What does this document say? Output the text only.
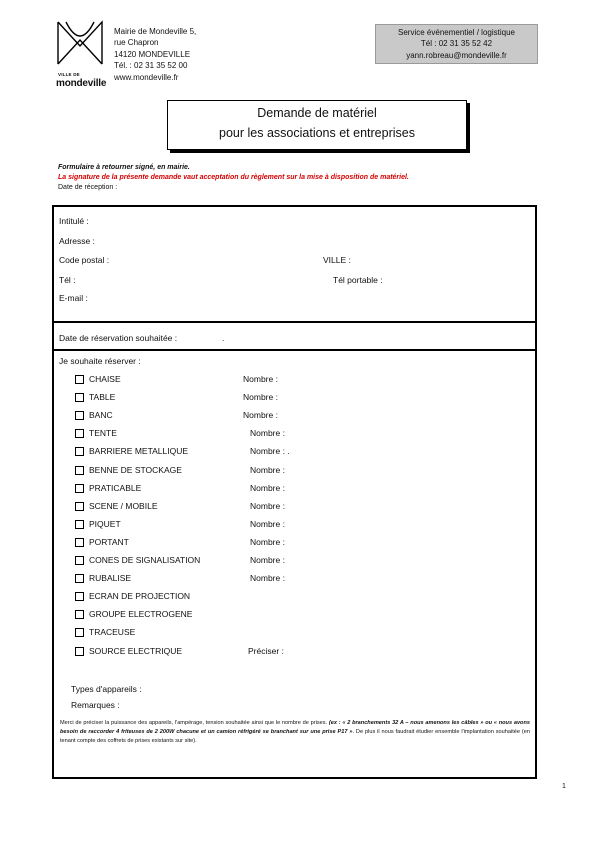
VILLE DE
mondeville
Mairie de Mondeville 5,
rue Chapron
14120 MONDEVILLE
Tél. : 02 31 35 52 00
www.mondeville.fr
Service événementiel / logistique
Tél : 02 31 35 52 42
yann.robreau@mondeville.fr
Demande de matériel
pour les associations et entreprises
Formulaire à retourner signé, en mairie.
La signature de la présente demande vaut acceptation du règlement sur la mise à disposition de matériel.
Date de réception :
Intitulé :
Adresse :
Code postal :	VILLE :
Tél :	Tél portable :
E-mail :
Date de réservation souhaitée :	.
Je souhaite réserver :
CHAISE	Nombre :
TABLE	Nombre :
BANC	Nombre :
TENTE	Nombre :
BARRIERE METALLIQUE	Nombre : .
BENNE DE STOCKAGE	Nombre :
PRATICABLE	Nombre :
SCENE / MOBILE	Nombre :
PIQUET	Nombre :
PORTANT	Nombre :
CONES DE SIGNALISATION	Nombre :
RUBALISE	Nombre :
ECRAN DE PROJECTION
GROUPE ELECTROGENE
TRACEUSE
SOURCE ELECTRIQUE	Préciser :
Types d'appareils :
Remarques :
Merci de préciser la puissance des appareils, l'ampérage, tension souhaitée ainsi que le nombre de prises. (ex : « 2 branchements 32 A – nous amenons les câbles » ou « nous avons besoin de raccorder 4 friteuses de 2 200W chacune et un camion réfrigéré se branchant sur une prise P17 ». De plus il nous faudrait étudier ensemble l'implantation souhaitée (en tenant compte des coffrets de prises existants sur site).
1
